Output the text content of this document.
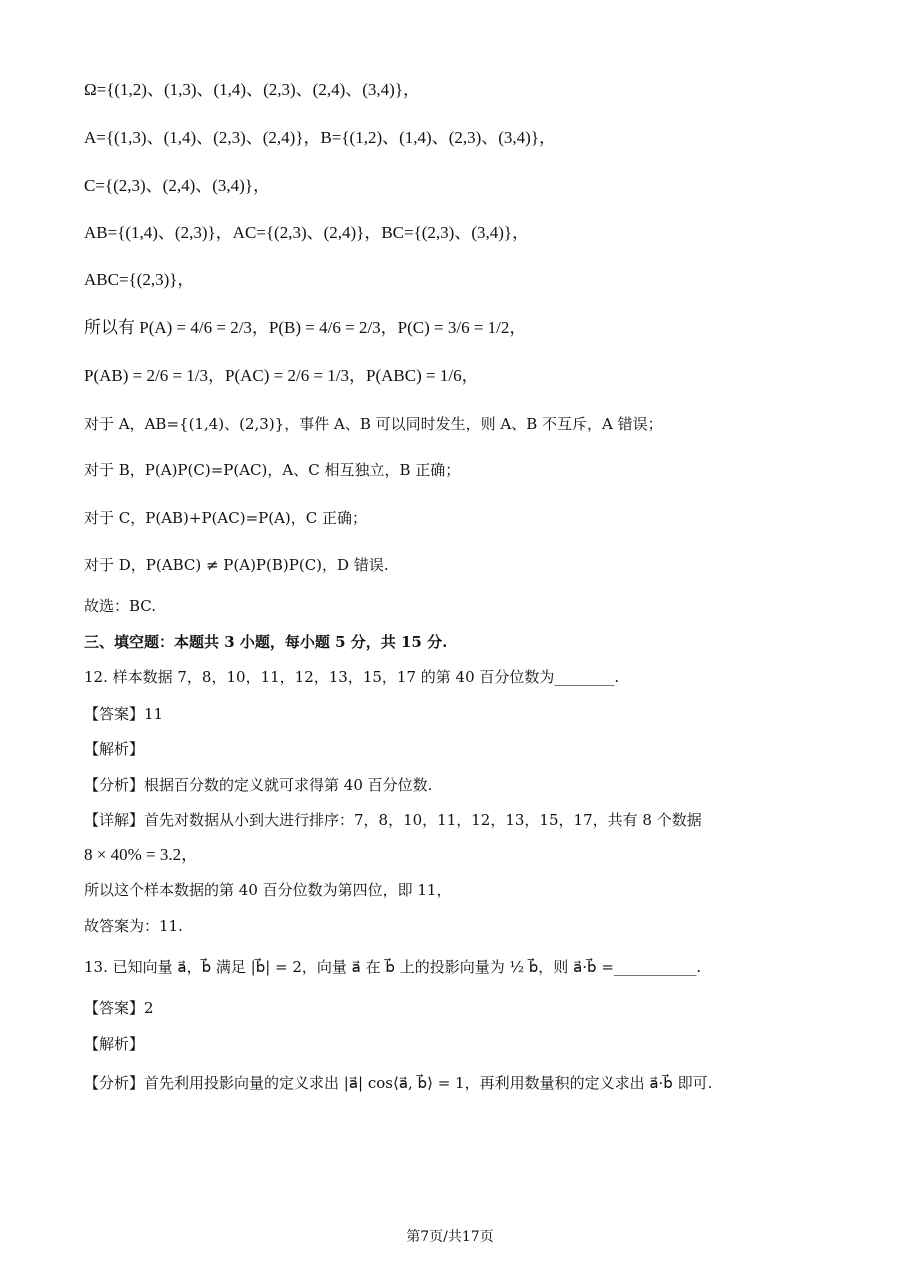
Ω={(1,2)、(1,3)、(1,4)、(2,3)、(2,4)、(3,4)}，
A={(1,3)、(1,4)、(2,3)、(2,4)}，B={(1,2)、(1,4)、(2,3)、(3,4)}，
C={(2,3)、(2,4)、(3,4)}，
AB={(1,4)、(2,3)}，AC={(2,3)、(2,4)}，BC={(2,3)、(3,4)}，
ABC={(2,3)}，
所以有 P(A) = 4/6 = 2/3，P(B) = 4/6 = 2/3，P(C) = 3/6 = 1/2，
P(AB) = 2/6 = 1/3，P(AC) = 2/6 = 1/3，P(ABC) = 1/6，
对于 A，AB={(1,4)、(2,3)}，事件 A、B 可以同时发生，则 A、B 不互斥，A 错误；
对于 B，P(A)P(C)=P(AC)，A、C 相互独立，B 正确；
对于 C，P(AB)+P(AC)=P(A)，C 正确；
对于 D，P(ABC) ≠ P(A)P(B)P(C)，D 错误.
故选：BC.
三、填空题：本题共 3 小题，每小题 5 分，共 15 分.
12. 样本数据 7，8，10，11，12，13，15，17 的第 40 百分位数为________.
【答案】11
【解析】
【分析】根据百分数的定义就可求得第 40 百分位数.
【详解】首先对数据从小到大进行排序：7，8，10，11，12，13，15，17，共有 8 个数据
8 × 40% = 3.2，
所以这个样本数据的第 40 百分位数为第四位，即 11，
故答案为：11.
13. 已知向量 a⃗，b⃗ 满足 |b⃗| = 2，向量 a⃗ 在 b⃗ 上的投影向量为 ½ b⃗，则 a⃗·b⃗ =___________.
【答案】2
【解析】
【分析】首先利用投影向量的定义求出 |a⃗| cos⟨a⃗, b⃗⟩ = 1，再利用数量积的定义求出 a⃗·b⃗ 即可.
第7页/共17页
